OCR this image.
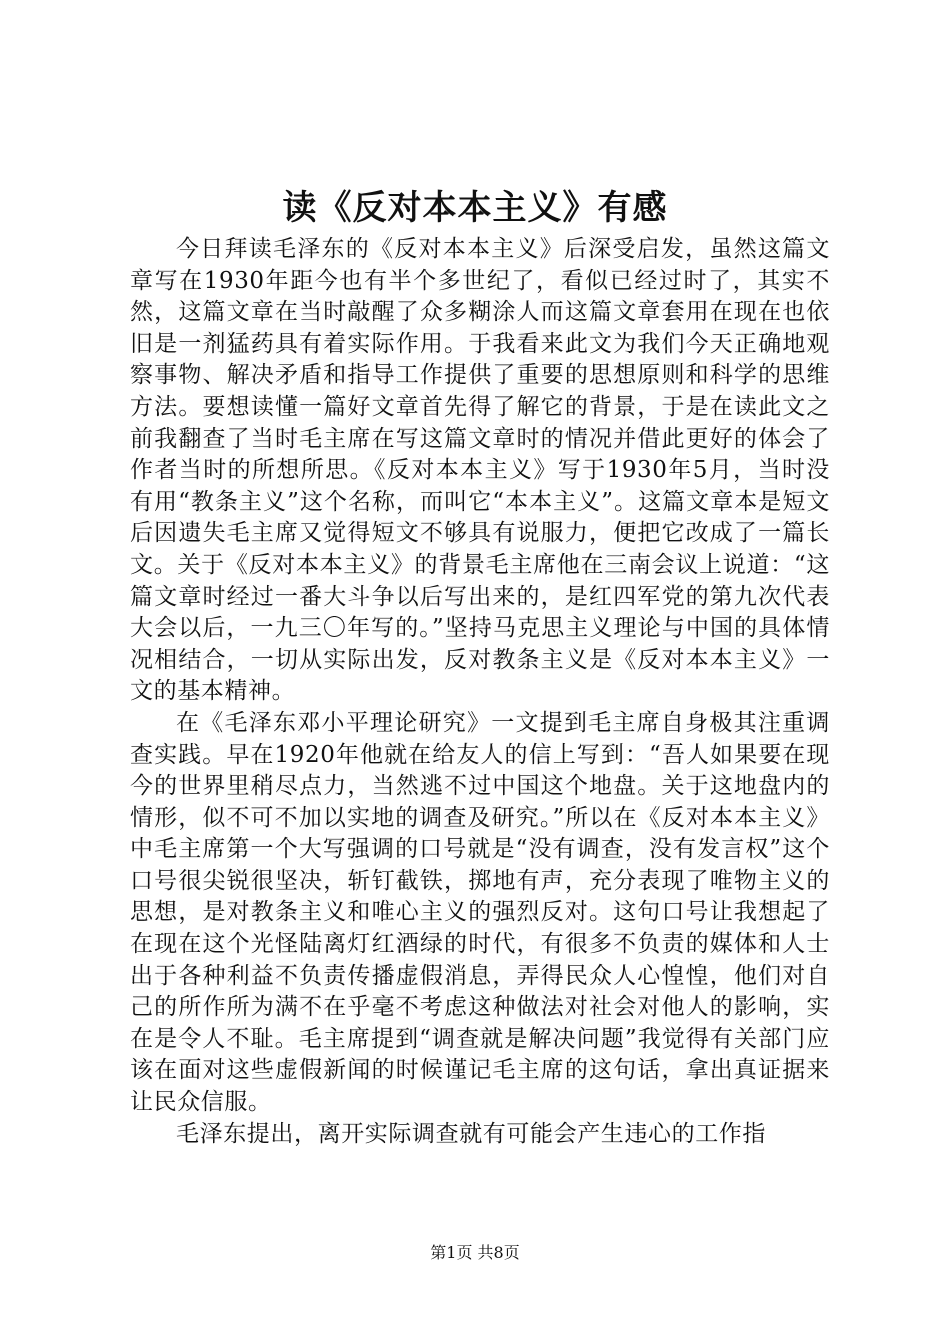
读《反对本本主义》有感

今日拜读毛泽东的《反对本本主义》后深受启发，虽然这篇文章写在1930年距今也有半个多世纪了，看似已经过时了，其实不然，这篇文章在当时敲醒了众多糊涂人而这篇文章套用在现在也依旧是一剂猛药具有着实际作用。于我看来此文为我们今天正确地观察事物、解决矛盾和指导工作提供了重要的思想原则和科学的思维方法。要想读懂一篇好文章首先得了解它的背景，于是在读此文之前我翻查了当时毛主席在写这篇文章时的情况并借此更好的体会了作者当时的所想所思。《反对本本主义》写于1930年5月，当时没有用“教条主义”这个名称，而叫它“本本主义”。这篇文章本是短文后因遗失毛主席又觉得短文不够具有说服力，便把它改成了一篇长文。关于《反对本本主义》的背景毛主席他在三南会议上说道：“这篇文章时经过一番大斗争以后写出来的，是红四军党的第九次代表大会以后，一九三〇年写的。”坚持马克思主义理论与中国的具体情况相结合，一切从实际出发，反对教条主义是《反对本本主义》一文的基本精神。

在《毛泽东邓小平理论研究》一文提到毛主席自身极其注重调查实践。早在1920年他就在给友人的信上写到：“吾人如果要在现今的世界里稍尽点力，当然逃不过中国这个地盘。关于这地盘内的情形，似不可不加以实地的调查及研究。”所以在《反对本本主义》中毛主席第一个大写强调的口号就是“没有调查，没有发言权”这个口号很尖锐很坚决，斩钉截铁，掷地有声，充分表现了唯物主义的思想，是对教条主义和唯心主义的强烈反对。这句口号让我想起了在现在这个光怪陆离灯红酒绿的时代，有很多不负责的媒体和人士出于各种利益不负责传播虚假消息，弄得民众人心惶惶，他们对自己的所作所为满不在乎毫不考虑这种做法对社会对他人的影响，实在是令人不耻。毛主席提到“调查就是解决问题”我觉得有关部门应该在面对这些虚假新闻的时候谨记毛主席的这句话，拿出真证据来让民众信服。

毛泽东提出，离开实际调查就有可能会产生违心的工作指

第1页 共8页
